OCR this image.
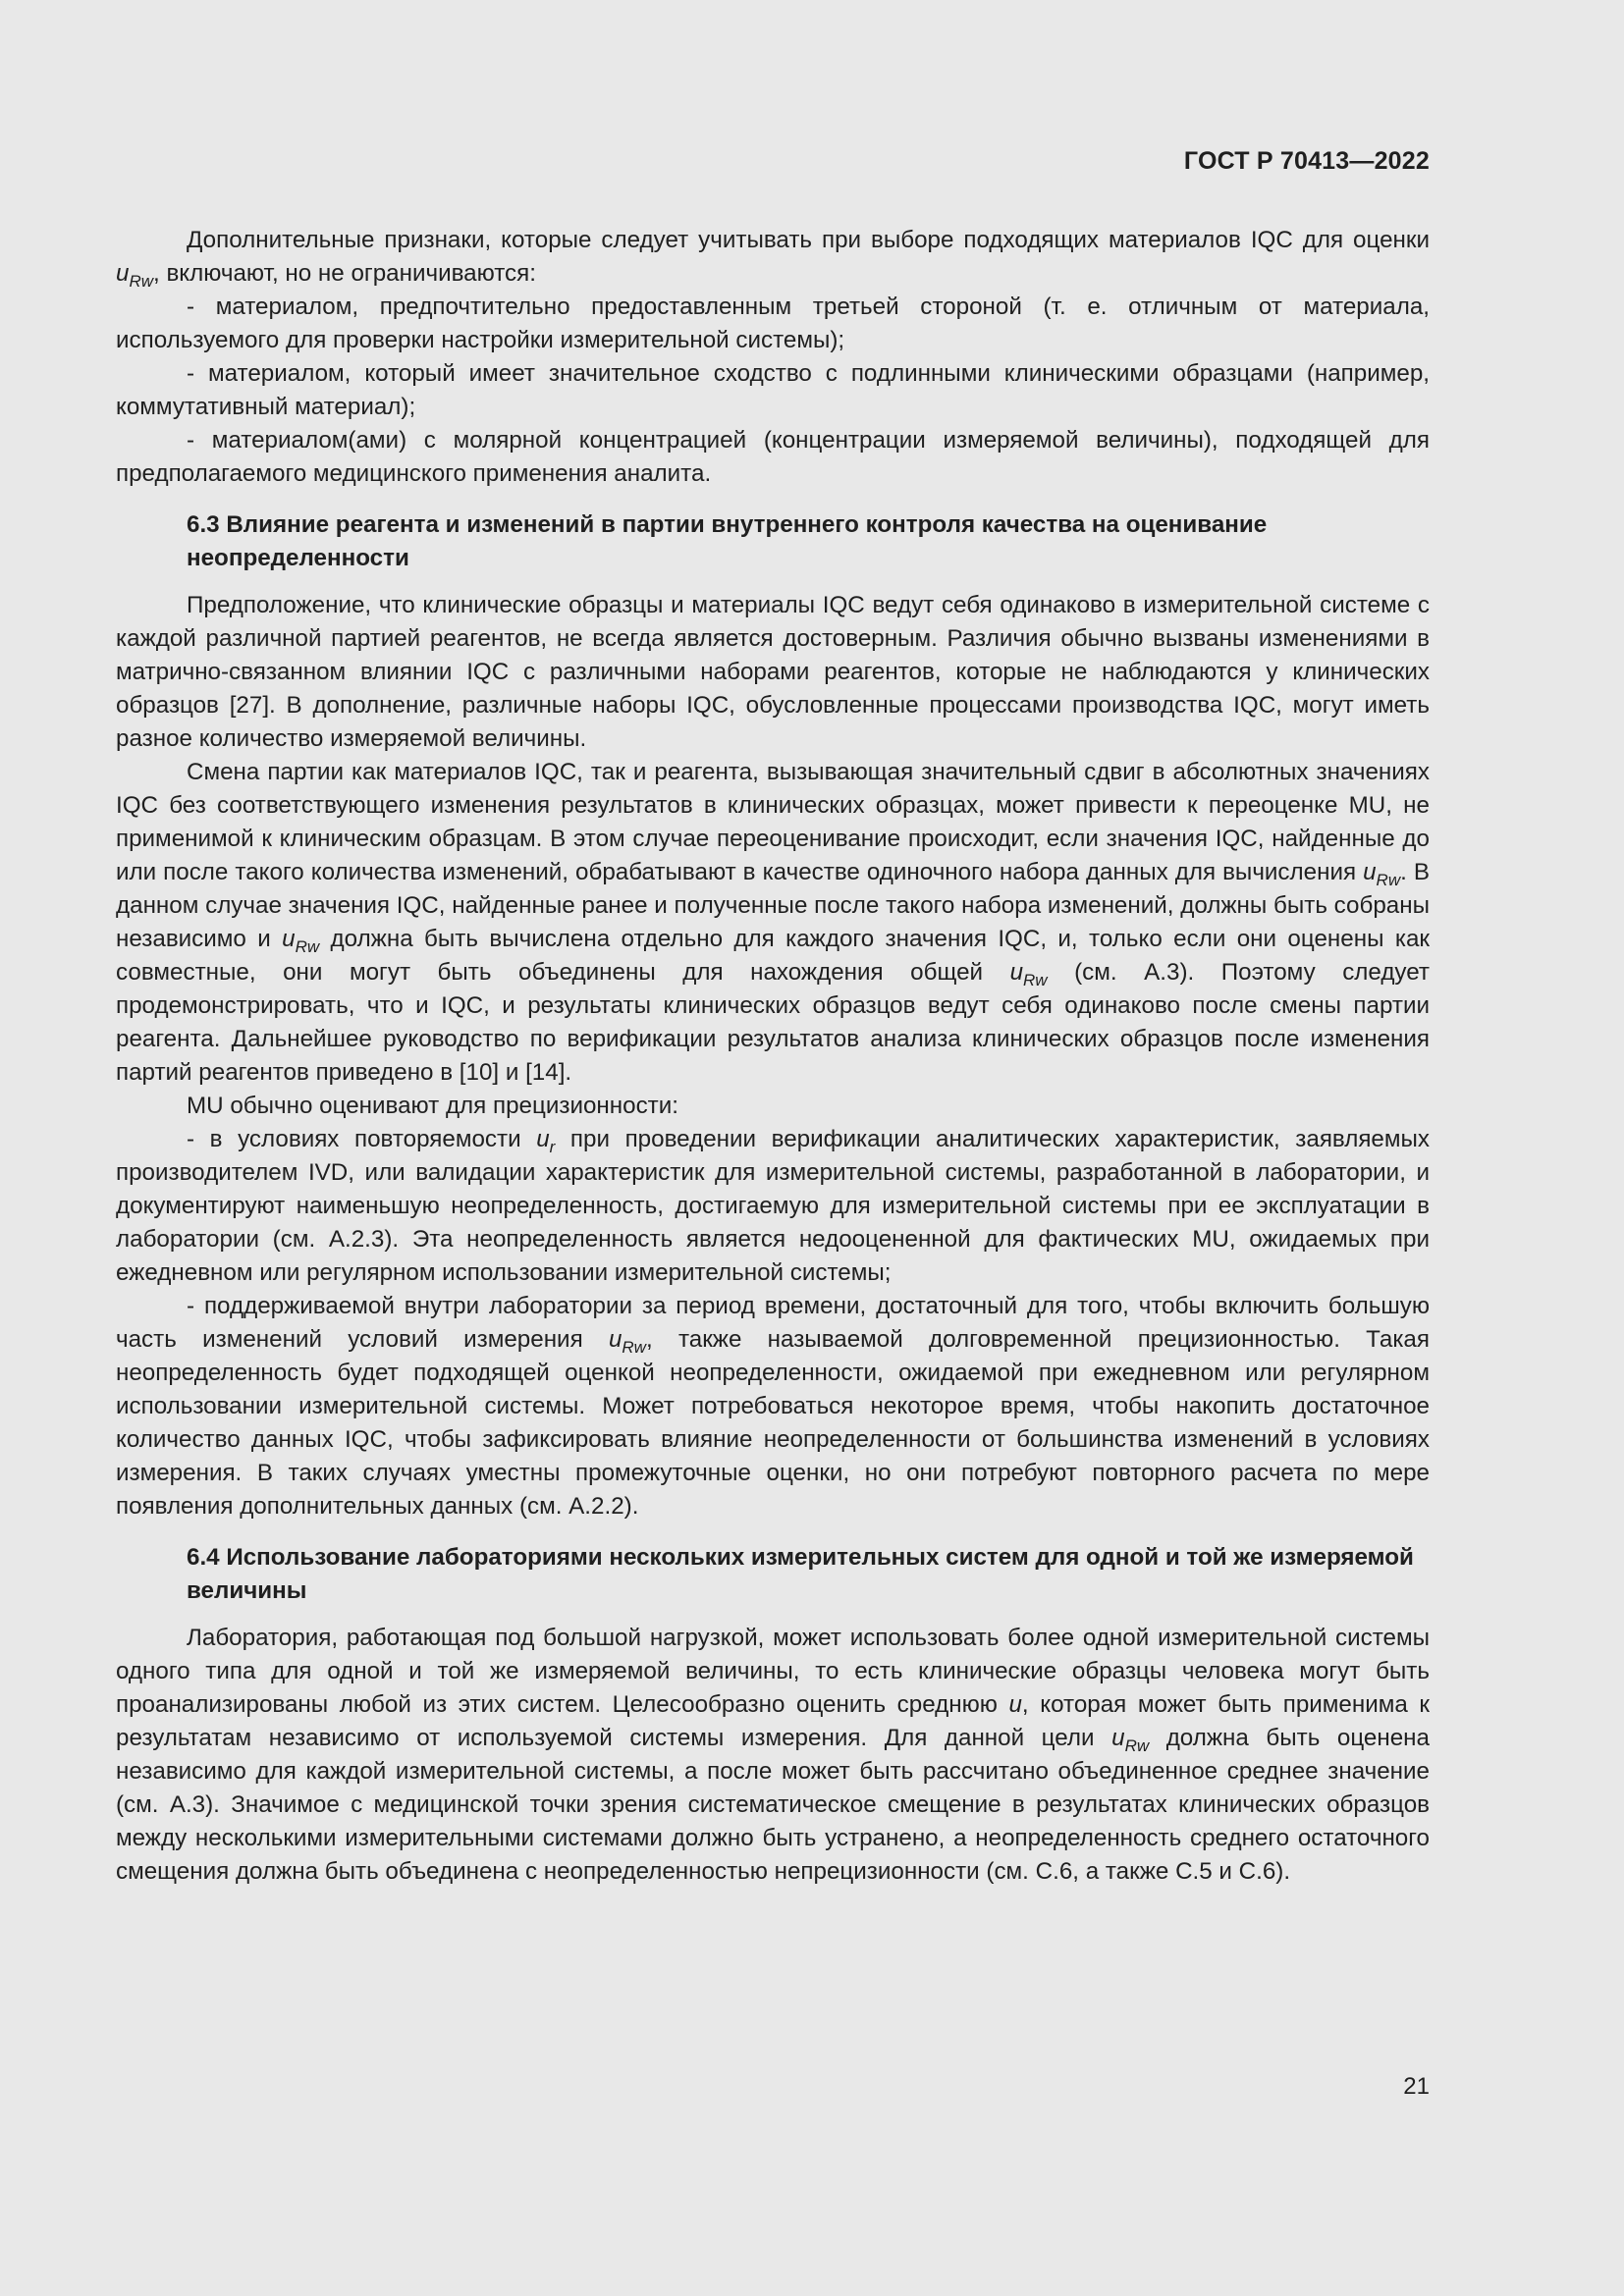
ГОСТ Р 70413—2022

Дополнительные признаки, которые следует учитывать при выборе подходящих материалов IQC для оценки $u_{Rw}$, включают, но не ограничиваются:

- материалом, предпочтительно предоставленным третьей стороной (т. е. отличным от материала, используемого для проверки настройки измерительной системы);

- материалом, который имеет значительное сходство с подлинными клиническими образцами (например, коммутативный материал);

- материалом(ами) с молярной концентрацией (концентрации измеряемой величины), подходящей для предполагаемого медицинского применения аналита.

6.3 Влияние реагента и изменений в партии внутреннего контроля качества на оценивание неопределенности

Предположение, что клинические образцы и материалы IQC ведут себя одинаково в измерительной системе с каждой различной партией реагентов, не всегда является достоверным. Различия обычно вызваны изменениями в матрично-связанном влиянии IQC с различными наборами реагентов, которые не наблюдаются у клинических образцов [27]. В дополнение, различные наборы IQC, обусловленные процессами производства IQC, могут иметь разное количество измеряемой величины.

Смена партии как материалов IQC, так и реагента, вызывающая значительный сдвиг в абсолютных значениях IQC без соответствующего изменения результатов в клинических образцах, может привести к переоценке MU, не применимой к клиническим образцам. В этом случае переоценивание происходит, если значения IQC, найденные до или после такого количества изменений, обрабатывают в качестве одиночного набора данных для вычисления $u_{Rw}$. В данном случае значения IQC, найденные ранее и полученные после такого набора изменений, должны быть собраны независимо и $u_{Rw}$ должна быть вычислена отдельно для каждого значения IQC, и, только если они оценены как совместные, они могут быть объединены для нахождения общей $u_{Rw}$ (см. А.3). Поэтому следует продемонстрировать, что и IQC, и результаты клинических образцов ведут себя одинаково после смены партии реагента. Дальнейшее руководство по верификации результатов анализа клинических образцов после изменения партий реагентов приведено в [10] и [14].

MU обычно оценивают для прецизионности:

- в условиях повторяемости $u_r$ при проведении верификации аналитических характеристик, заявляемых производителем IVD, или валидации характеристик для измерительной системы, разработанной в лаборатории, и документируют наименьшую неопределенность, достигаемую для измерительной системы при ее эксплуатации в лаборатории (см. А.2.3). Эта неопределенность является недооцененной для фактических MU, ожидаемых при ежедневном или регулярном использовании измерительной системы;

- поддерживаемой внутри лаборатории за период времени, достаточный для того, чтобы включить большую часть изменений условий измерения $u_{Rw}$, также называемой долговременной прецизионностью. Такая неопределенность будет подходящей оценкой неопределенности, ожидаемой при ежедневном или регулярном использовании измерительной системы. Может потребоваться некоторое время, чтобы накопить достаточное количество данных IQC, чтобы зафиксировать влияние неопределенности от большинства изменений в условиях измерения. В таких случаях уместны промежуточные оценки, но они потребуют повторного расчета по мере появления дополнительных данных (см. А.2.2).

6.4 Использование лабораториями нескольких измерительных систем для одной и той же измеряемой величины

Лаборатория, работающая под большой нагрузкой, может использовать более одной измерительной системы одного типа для одной и той же измеряемой величины, то есть клинические образцы человека могут быть проанализированы любой из этих систем. Целесообразно оценить среднюю u, которая может быть применима к результатам независимо от используемой системы измерения. Для данной цели $u_{Rw}$ должна быть оценена независимо для каждой измерительной системы, а после может быть рассчитано объединенное среднее значение (см. А.3). Значимое с медицинской точки зрения систематическое смещение в результатах клинических образцов между несколькими измерительными системами должно быть устранено, а неопределенность среднего остаточного смещения должна быть объединена с неопределенностью непрецизионности (см. С.6, а также С.5 и С.6).

21
